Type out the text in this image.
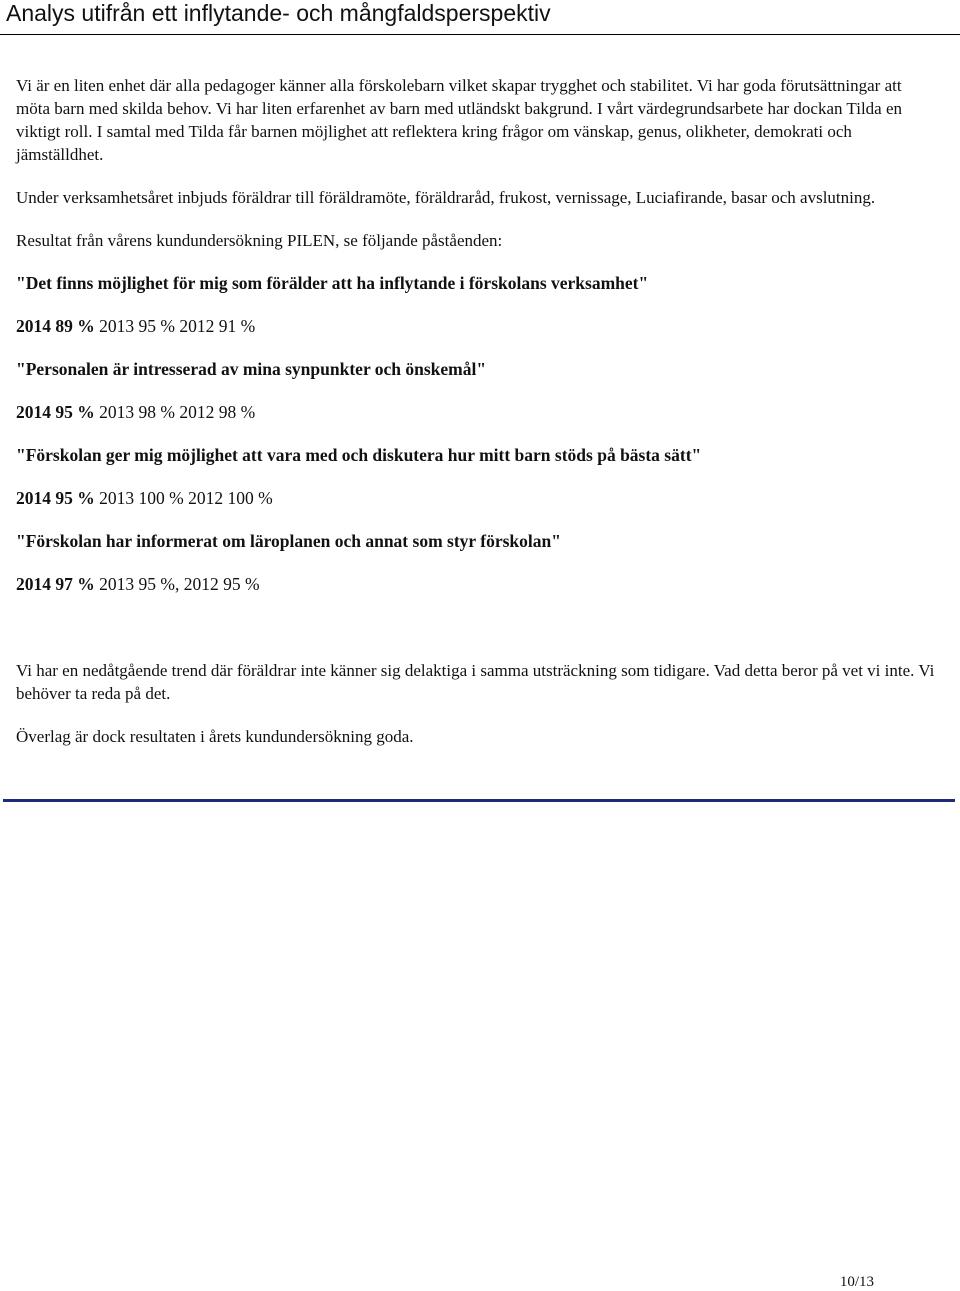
Analys utifrån ett inflytande- och mångfaldsperspektiv

Vi är en liten enhet där alla pedagoger känner alla förskolebarn vilket skapar trygghet och stabilitet. Vi har goda förutsättningar att möta barn med skilda behov. Vi har liten erfarenhet av barn med utländskt bakgrund. I vårt värdegrundsarbete har dockan Tilda en viktigt roll. I samtal med Tilda får barnen möjlighet att reflektera kring frågor om vänskap, genus, olikheter, demokrati och jämställdhet.

Under verksamhetsåret inbjuds föräldrar till föräldramöte, föräldraråd, frukost, vernissage, Luciafirande, basar och avslutning.

Resultat från vårens kundundersökning PILEN, se följande påståenden:

"Det finns möjlighet för mig som förälder att ha inflytande i förskolans verksamhet"

2014 89 % 2013 95 % 2012 91 %

"Personalen är intresserad av mina synpunkter och önskemål"

2014 95 % 2013 98 % 2012 98 %

"Förskolan ger mig möjlighet att vara med och diskutera hur mitt barn stöds på bästa sätt"

2014 95 % 2013 100 % 2012 100 %

"Förskolan har informerat om läroplanen och annat som styr förskolan"

2014 97 % 2013 95 %, 2012 95 %

Vi har en nedåtgående trend där föräldrar inte känner sig delaktiga i samma utsträckning som tidigare. Vad detta beror på vet vi inte. Vi behöver ta reda på det.

Överlag är dock resultaten i årets kundundersökning goda.

10/13
